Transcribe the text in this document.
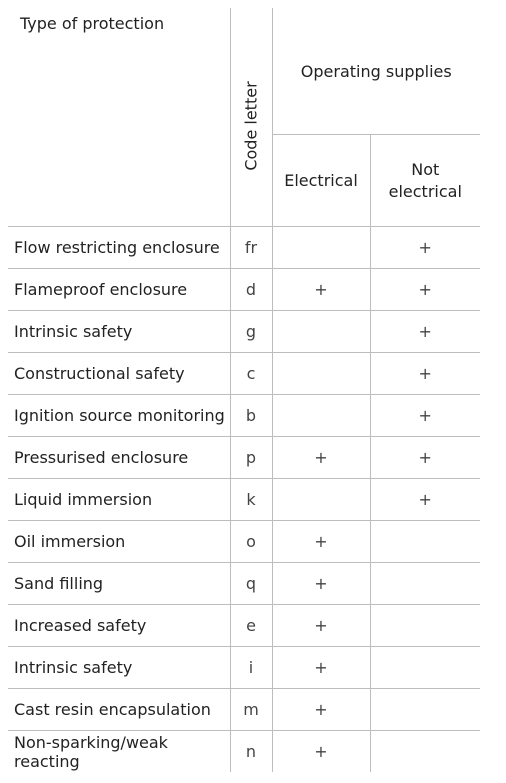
Type of protection	Code letter	Operating supplies	
		Electrical	Not
electrical
Flow restricting enclosure	fr		+
Flameproof enclosure	d	+	+
Intrinsic safety	g		+
Constructional safety	c		+
Ignition source monitoring	b		+
Pressurised enclosure	p	+	+
Liquid immersion	k		+
Oil immersion	o	+	
Sand filling	q	+	
Increased safety	e	+	
Intrinsic safety	i	+	
Cast resin encapsulation	m	+	
Non-sparking/weak reacting	n	+	
